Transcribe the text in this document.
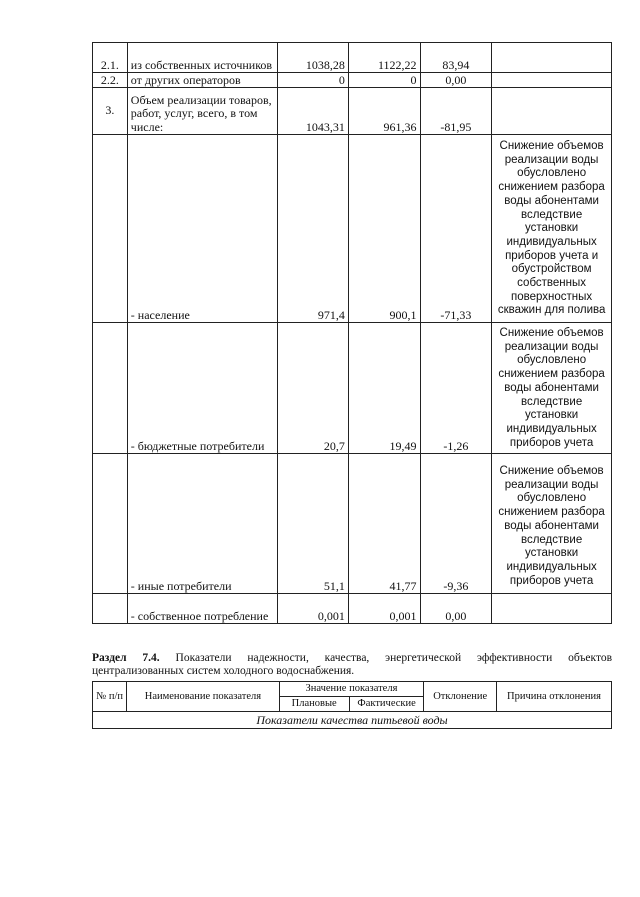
2.1.	из собственных источников	1038,28	1122,22	83,94	
2.2.	от других операторов	0	0	0,00	
3.	Объем реализации товаров, работ, услуг, всего, в том числе:	1043,31	961,36	-81,95	
	- население	971,4	900,1	-71,33	Снижение объемов реализации воды обусловлено снижением разбора воды абонентами вследствие установки индивидуальных приборов учета и обустройством собственных поверхностных скважин для полива

	- бюджетные потребители	20,7	19,49	-1,26	Снижение объемов реализации воды обусловлено снижением разбора воды абонентами вследствие установки индивидуальных приборов учета

	- иные потребители	51,1	41,77	-9,36	Снижение объемов реализации воды обусловлено снижением разбора воды абонентами вследствие установки индивидуальных приборов учета

	- собственное потребление	0,001	0,001	0,00	
Раздел 7.4. Показатели надежности, качества, энергетической эффективности объектов централизованных систем холодного водоснабжения.
№ п/п	Наименование показателя	Значение показателя		Отклонение	Причина отклонения
		Плановые	Фактические		
Показатели качества питьевой воды					
